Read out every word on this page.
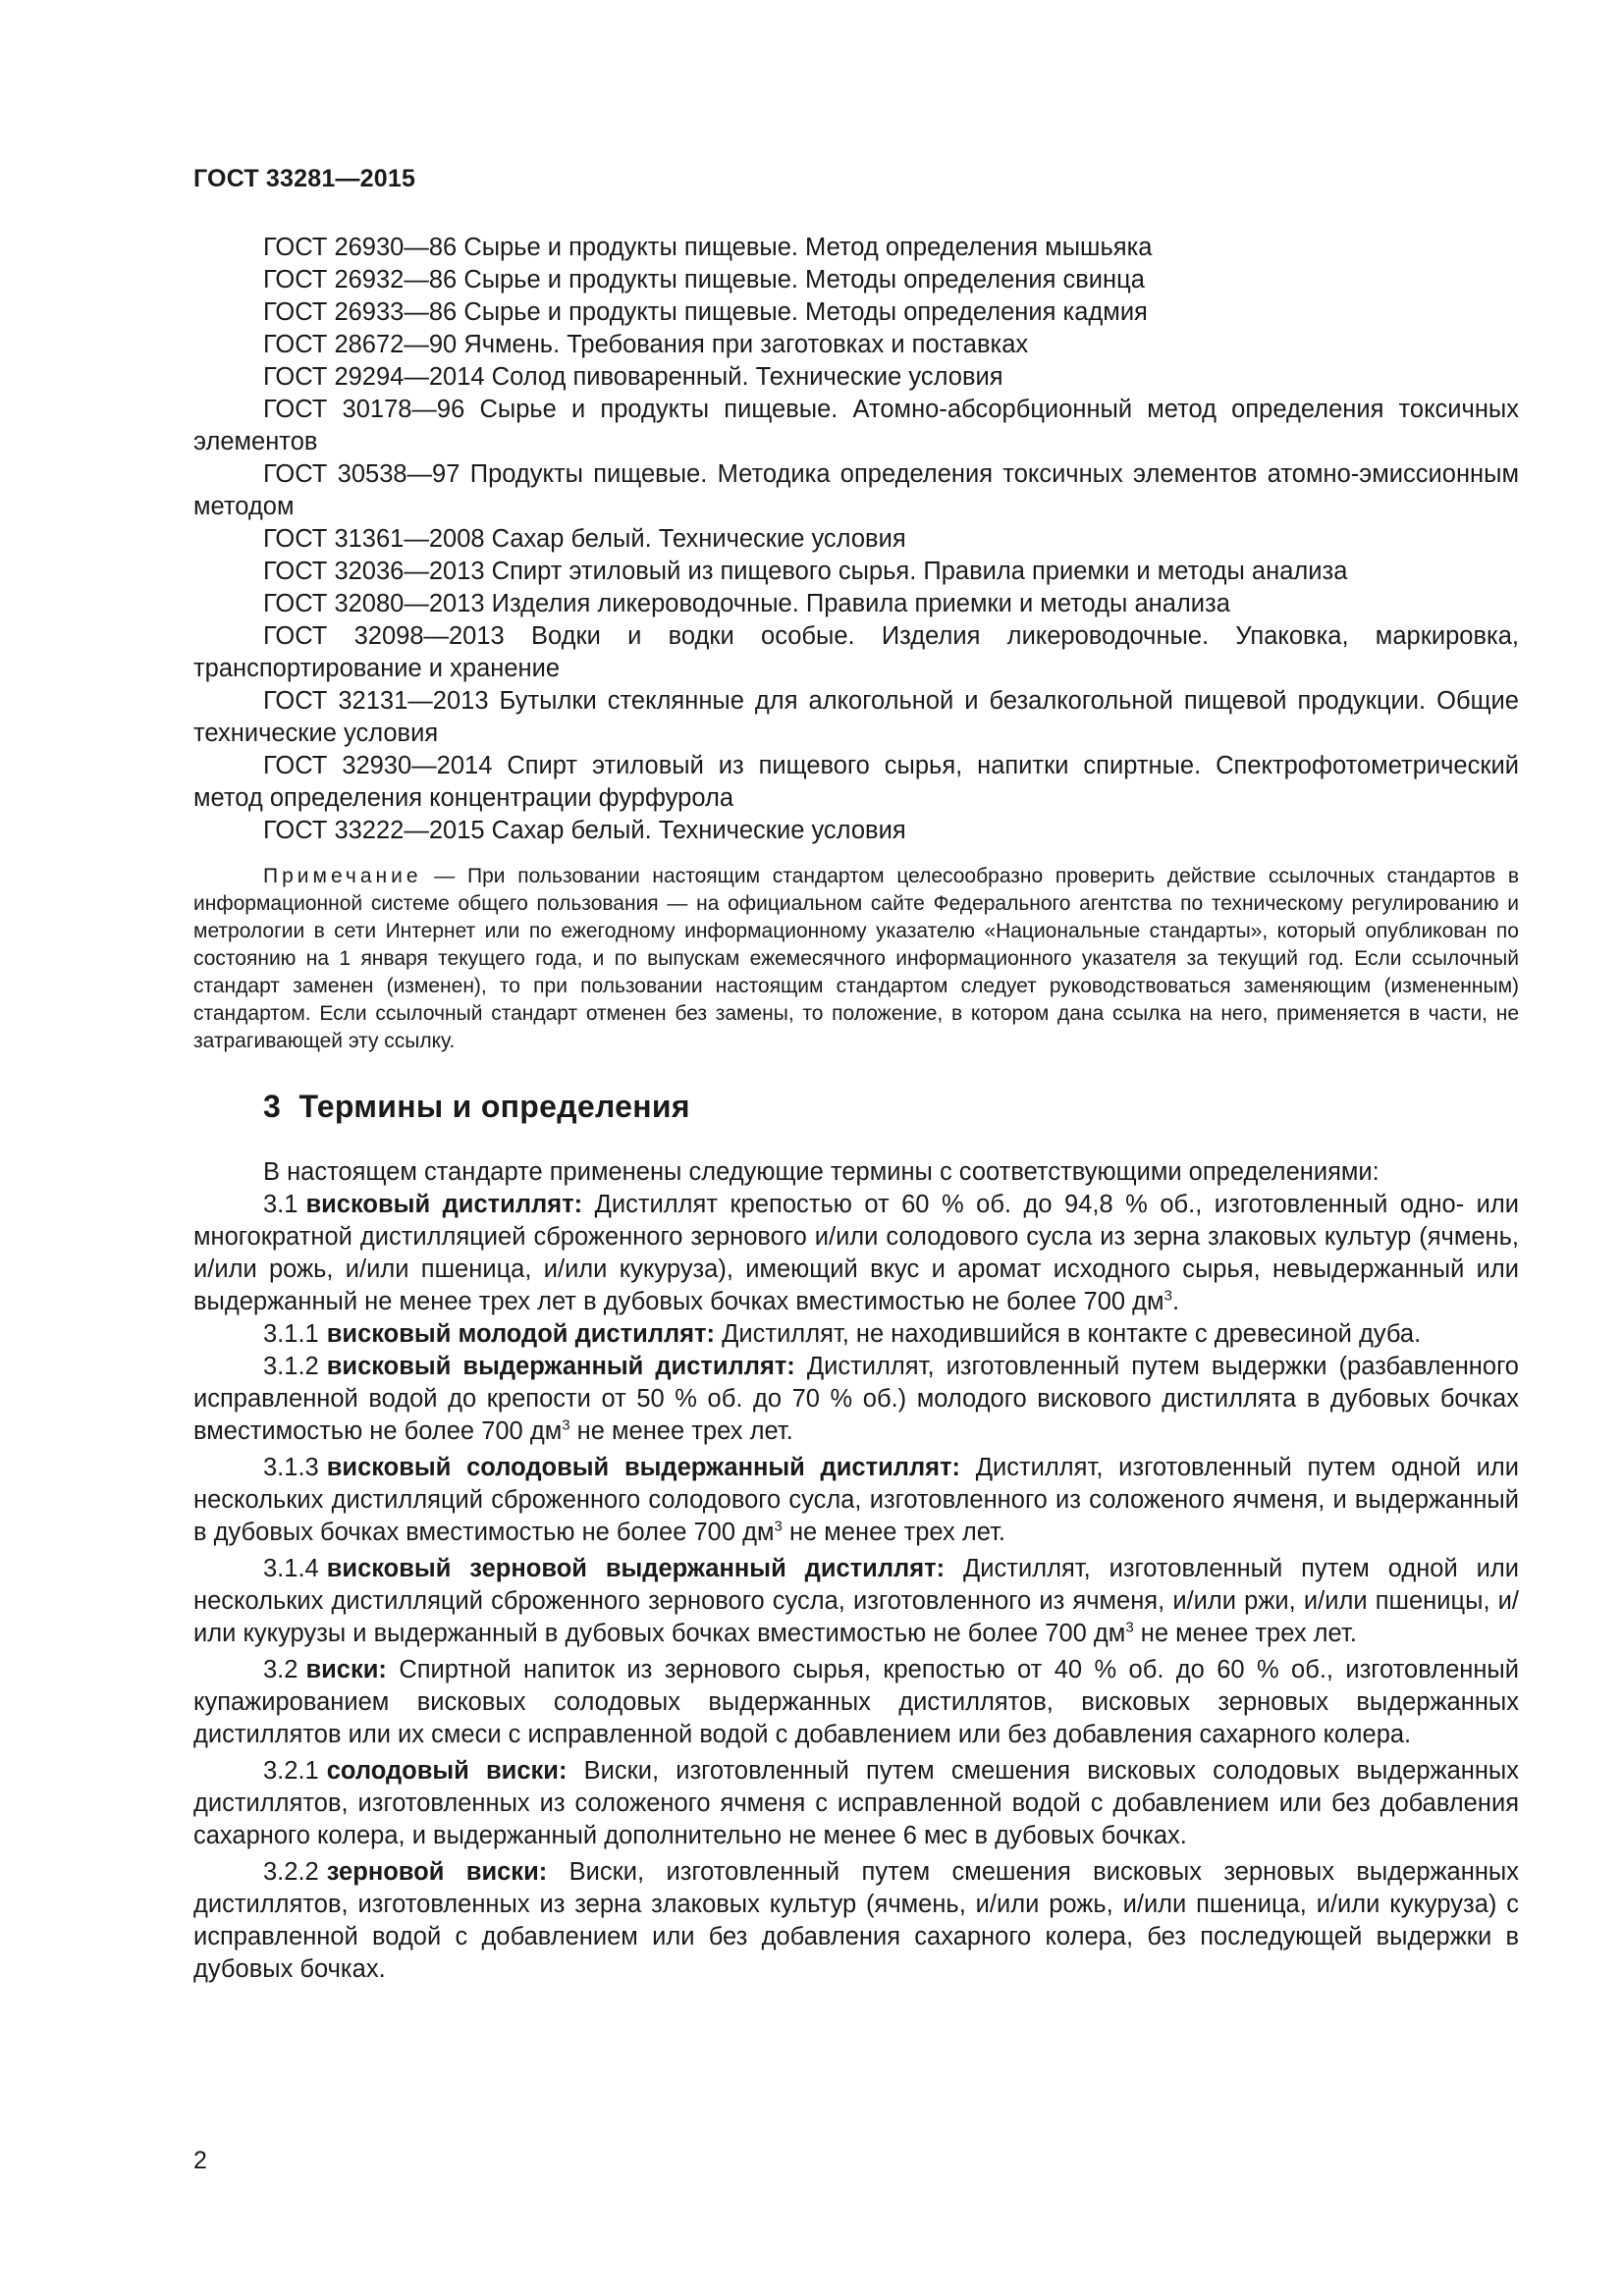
ГОСТ 33281—2015

ГОСТ 26930—86 Сырье и продукты пищевые. Метод определения мышьяка

ГОСТ 26932—86 Сырье и продукты пищевые. Методы определения свинца

ГОСТ 26933—86 Сырье и продукты пищевые. Методы определения кадмия

ГОСТ 28672—90 Ячмень. Требования при заготовках и поставках

ГОСТ 29294—2014 Солод пивоваренный. Технические условия

ГОСТ 30178—96 Сырье и продукты пищевые. Атомно-абсорбционный метод определения токсичных элементов

ГОСТ 30538—97 Продукты пищевые. Методика определения токсичных элементов атомно-эмиссионным методом

ГОСТ 31361—2008 Сахар белый. Технические условия

ГОСТ 32036—2013 Спирт этиловый из пищевого сырья. Правила приемки и методы анализа

ГОСТ 32080—2013 Изделия ликероводочные. Правила приемки и методы анализа

ГОСТ 32098—2013 Водки и водки особые. Изделия ликероводочные. Упаковка, маркировка, транспортирование и хранение

ГОСТ 32131—2013 Бутылки стеклянные для алкогольной и безалкогольной пищевой продукции. Общие технические условия

ГОСТ 32930—2014 Спирт этиловый из пищевого сырья, напитки спиртные. Спектрофотометрический метод определения концентрации фурфурола

ГОСТ 33222—2015 Сахар белый. Технические условия

Примечание — При пользовании настоящим стандартом целесообразно проверить действие ссылочных стандартов в информационной системе общего пользования — на официальном сайте Федерального агентства по техническому регулированию и метрологии в сети Интернет или по ежегодному информационному указателю «Национальные стандарты», который опубликован по состоянию на 1 января текущего года, и по выпускам ежемесячного информационного указателя за текущий год. Если ссылочный стандарт заменен (изменен), то при пользовании настоящим стандартом следует руководствоваться заменяющим (измененным) стандартом. Если ссылочный стандарт отменен без замены, то положение, в котором дана ссылка на него, применяется в части, не затрагивающей эту ссылку.

3 Термины и определения

В настоящем стандарте применены следующие термины с соответствующими определениями:

3.1 висковый дистиллят: Дистиллят крепостью от 60 % об. до 94,8 % об., изготовленный одно- или многократной дистилляцией сброженного зернового и/или солодового сусла из зерна злаковых культур (ячмень, и/или рожь, и/или пшеница, и/или кукуруза), имеющий вкус и аромат исходного сырья, невыдержанный или выдержанный не менее трех лет в дубовых бочках вместимостью не более 700 $дм^3$.

3.1.1 висковый молодой дистиллят: Дистиллят, не находившийся в контакте с древесиной дуба.

3.1.2 висковый выдержанный дистиллят: Дистиллят, изготовленный путем выдержки (разбавленного исправленной водой до крепости от 50 % об. до 70 % об.) молодого вискового дистиллята в дубовых бочках вместимостью не более 700 $дм^3$ не менее трех лет.

3.1.3 висковый солодовый выдержанный дистиллят: Дистиллят, изготовленный путем одной или нескольких дистилляций сброженного солодового сусла, изготовленного из соложеного ячменя, и выдержанный в дубовых бочках вместимостью не более 700 $дм^3$ не менее трех лет.

3.1.4 висковый зерновой выдержанный дистиллят: Дистиллят, изготовленный путем одной или нескольких дистилляций сброженного зернового сусла, изготовленного из ячменя, и/или ржи, и/или пшеницы, и/или кукурузы и выдержанный в дубовых бочках вместимостью не более 700 $дм^3$ не менее трех лет.

3.2 виски: Спиртной напиток из зернового сырья, крепостью от 40 % об. до 60 % об., изготовленный купажированием висковых солодовых выдержанных дистиллятов, висковых зерновых выдержанных дистиллятов или их смеси с исправленной водой с добавлением или без добавления сахарного колера.

3.2.1 солодовый виски: Виски, изготовленный путем смешения висковых солодовых выдержанных дистиллятов, изготовленных из соложеного ячменя с исправленной водой с добавлением или без добавления сахарного колера, и выдержанный дополнительно не менее 6 мес в дубовых бочках.

3.2.2 зерновой виски: Виски, изготовленный путем смешения висковых зерновых выдержанных дистиллятов, изготовленных из зерна злаковых культур (ячмень, и/или рожь, и/или пшеница, и/или кукуруза) с исправленной водой с добавлением или без добавления сахарного колера, без последующей выдержки в дубовых бочках.

2
